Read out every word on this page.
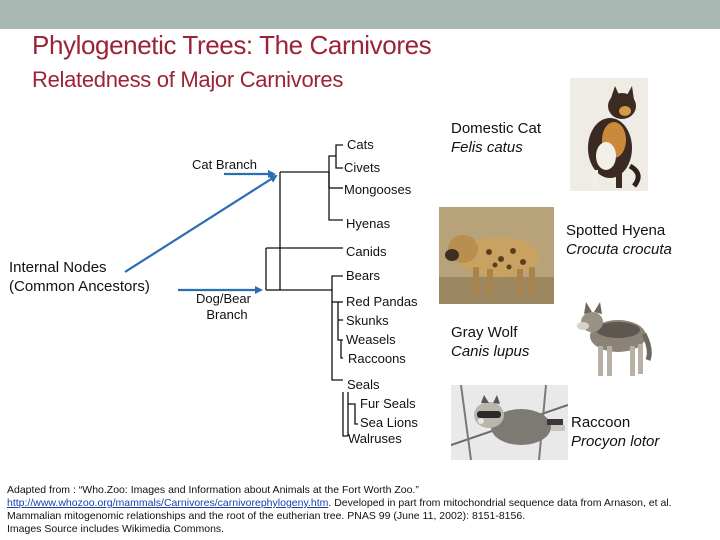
Phylogenetic Trees: The Carnivores
Relatedness of Major Carnivores
Cat Branch
Dog/Bear
Branch
Internal Nodes
(Common Ancestors)
Cats
Civets
Mongooses
Hyenas
Canids
Bears
Red Pandas
Skunks
Weasels
Raccoons
Seals
Fur Seals
Sea Lions
Walruses
Domestic Cat
Felis catus
Spotted Hyena
Crocuta crocuta
Gray Wolf
Canis lupus
Raccoon
Procyon lotor
Adapted from : “Who.Zoo: Images and Information about Animals at the Fort Worth Zoo.”
http://www.whozoo.org/mammals/Carnivores/carnivorephylogeny.htm. Developed in part from mitochondrial sequence data from Arnason, et al.
Mammalian mitogenomic relationships and the root of the eutherian tree. PNAS 99 (June 11, 2002): 8151-8156.
Images Source includes Wikimedia Commons.
